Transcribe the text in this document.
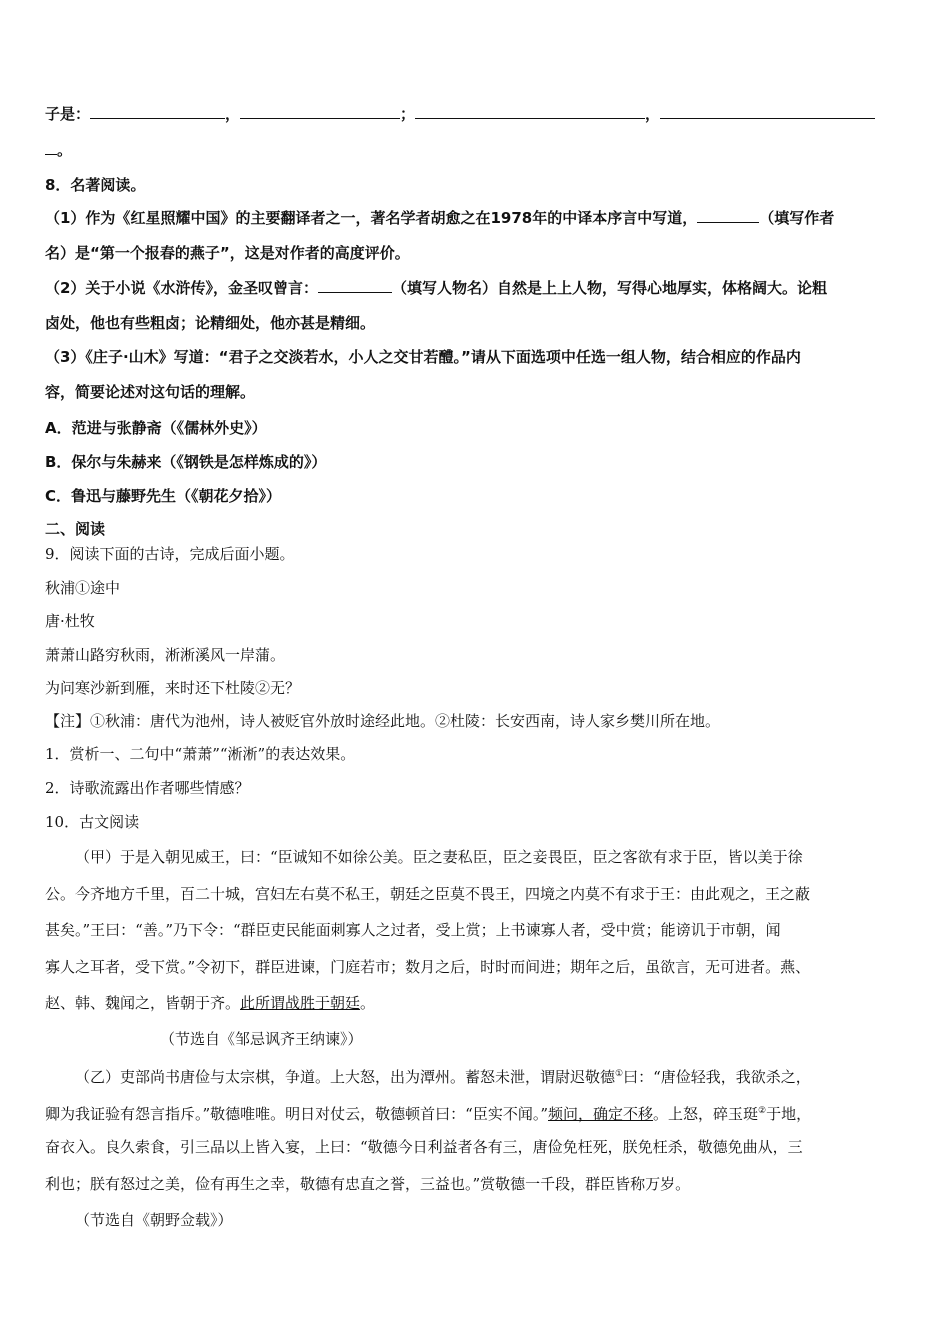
子是：	，	；	，
。
8．名著阅读。
（1）作为《红星照耀中国》的主要翻译者之一，著名学者胡愈之在1978年的中译本序言中写道，	（填写作者
名）是“第一个报春的燕子”，这是对作者的高度评价。
（2）关于小说《水浒传》，金圣叹曾言：	（填写人物名）自然是上上人物，写得心地厚实，体格阔大。论粗
卤处，他也有些粗卤；论精细处，他亦甚是精细。
（3）《庄子·山木》写道：“君子之交淡若水，小人之交甘若醴。”请从下面选项中任选一组人物，结合相应的作品内
容，简要论述对这句话的理解。
A．范进与张静斋（《儒林外史》）
B．保尔与朱赫来（《钢铁是怎样炼成的》）
C．鲁迅与藤野先生（《朝花夕拾》）
二、阅读
9．阅读下面的古诗，完成后面小题。
秋浦①途中
唐·杜牧
萧萧山路穷秋雨，淅淅溪风一岸蒲。
为问寒沙新到雁，来时还下杜陵②无？
【注】①秋浦：唐代为池州，诗人被贬官外放时途经此地。②杜陵：长安西南，诗人家乡樊川所在地。
1．赏析一、二句中“萧萧”“淅淅”的表达效果。
2．诗歌流露出作者哪些情感？
10．古文阅读
（甲）于是入朝见威王，曰：“臣诚知不如徐公美。臣之妻私臣，臣之妾畏臣，臣之客欲有求于臣，皆以美于徐
公。今齐地方千里，百二十城，宫妇左右莫不私王，朝廷之臣莫不畏王，四境之内莫不有求于王：由此观之，王之蔽
甚矣。”王曰：“善。”乃下令：“群臣吏民能面刺寡人之过者，受上赏；上书谏寡人者，受中赏；能谤讥于市朝，闻
寡人之耳者，受下赏。”令初下，群臣进谏，门庭若市；数月之后，时时而间进；期年之后，虽欲言，无可进者。燕、
赵、韩、魏闻之，皆朝于齐。此所谓战胜于朝廷。
（节选自《邹忌讽齐王纳谏》）
（乙）吏部尚书唐俭与太宗棋，争道。上大怒，出为潭州。蓄怒未泄，谓尉迟敬德①曰：“唐俭轻我，我欲杀之，
卿为我证验有怨言指斥。”敬德唯唯。明日对仗云，敬德顿首曰：“臣实不闻。”频问，确定不移。上怒，碎玉珽②于地，
奋衣入。良久索食，引三品以上皆入宴，上曰：“敬德今日利益者各有三，唐俭免枉死，朕免枉杀，敬德免曲从，三
利也；朕有怒过之美，俭有再生之幸，敬德有忠直之誉，三益也。”赏敬德一千段，群臣皆称万岁。
（节选自《朝野佥载》）
